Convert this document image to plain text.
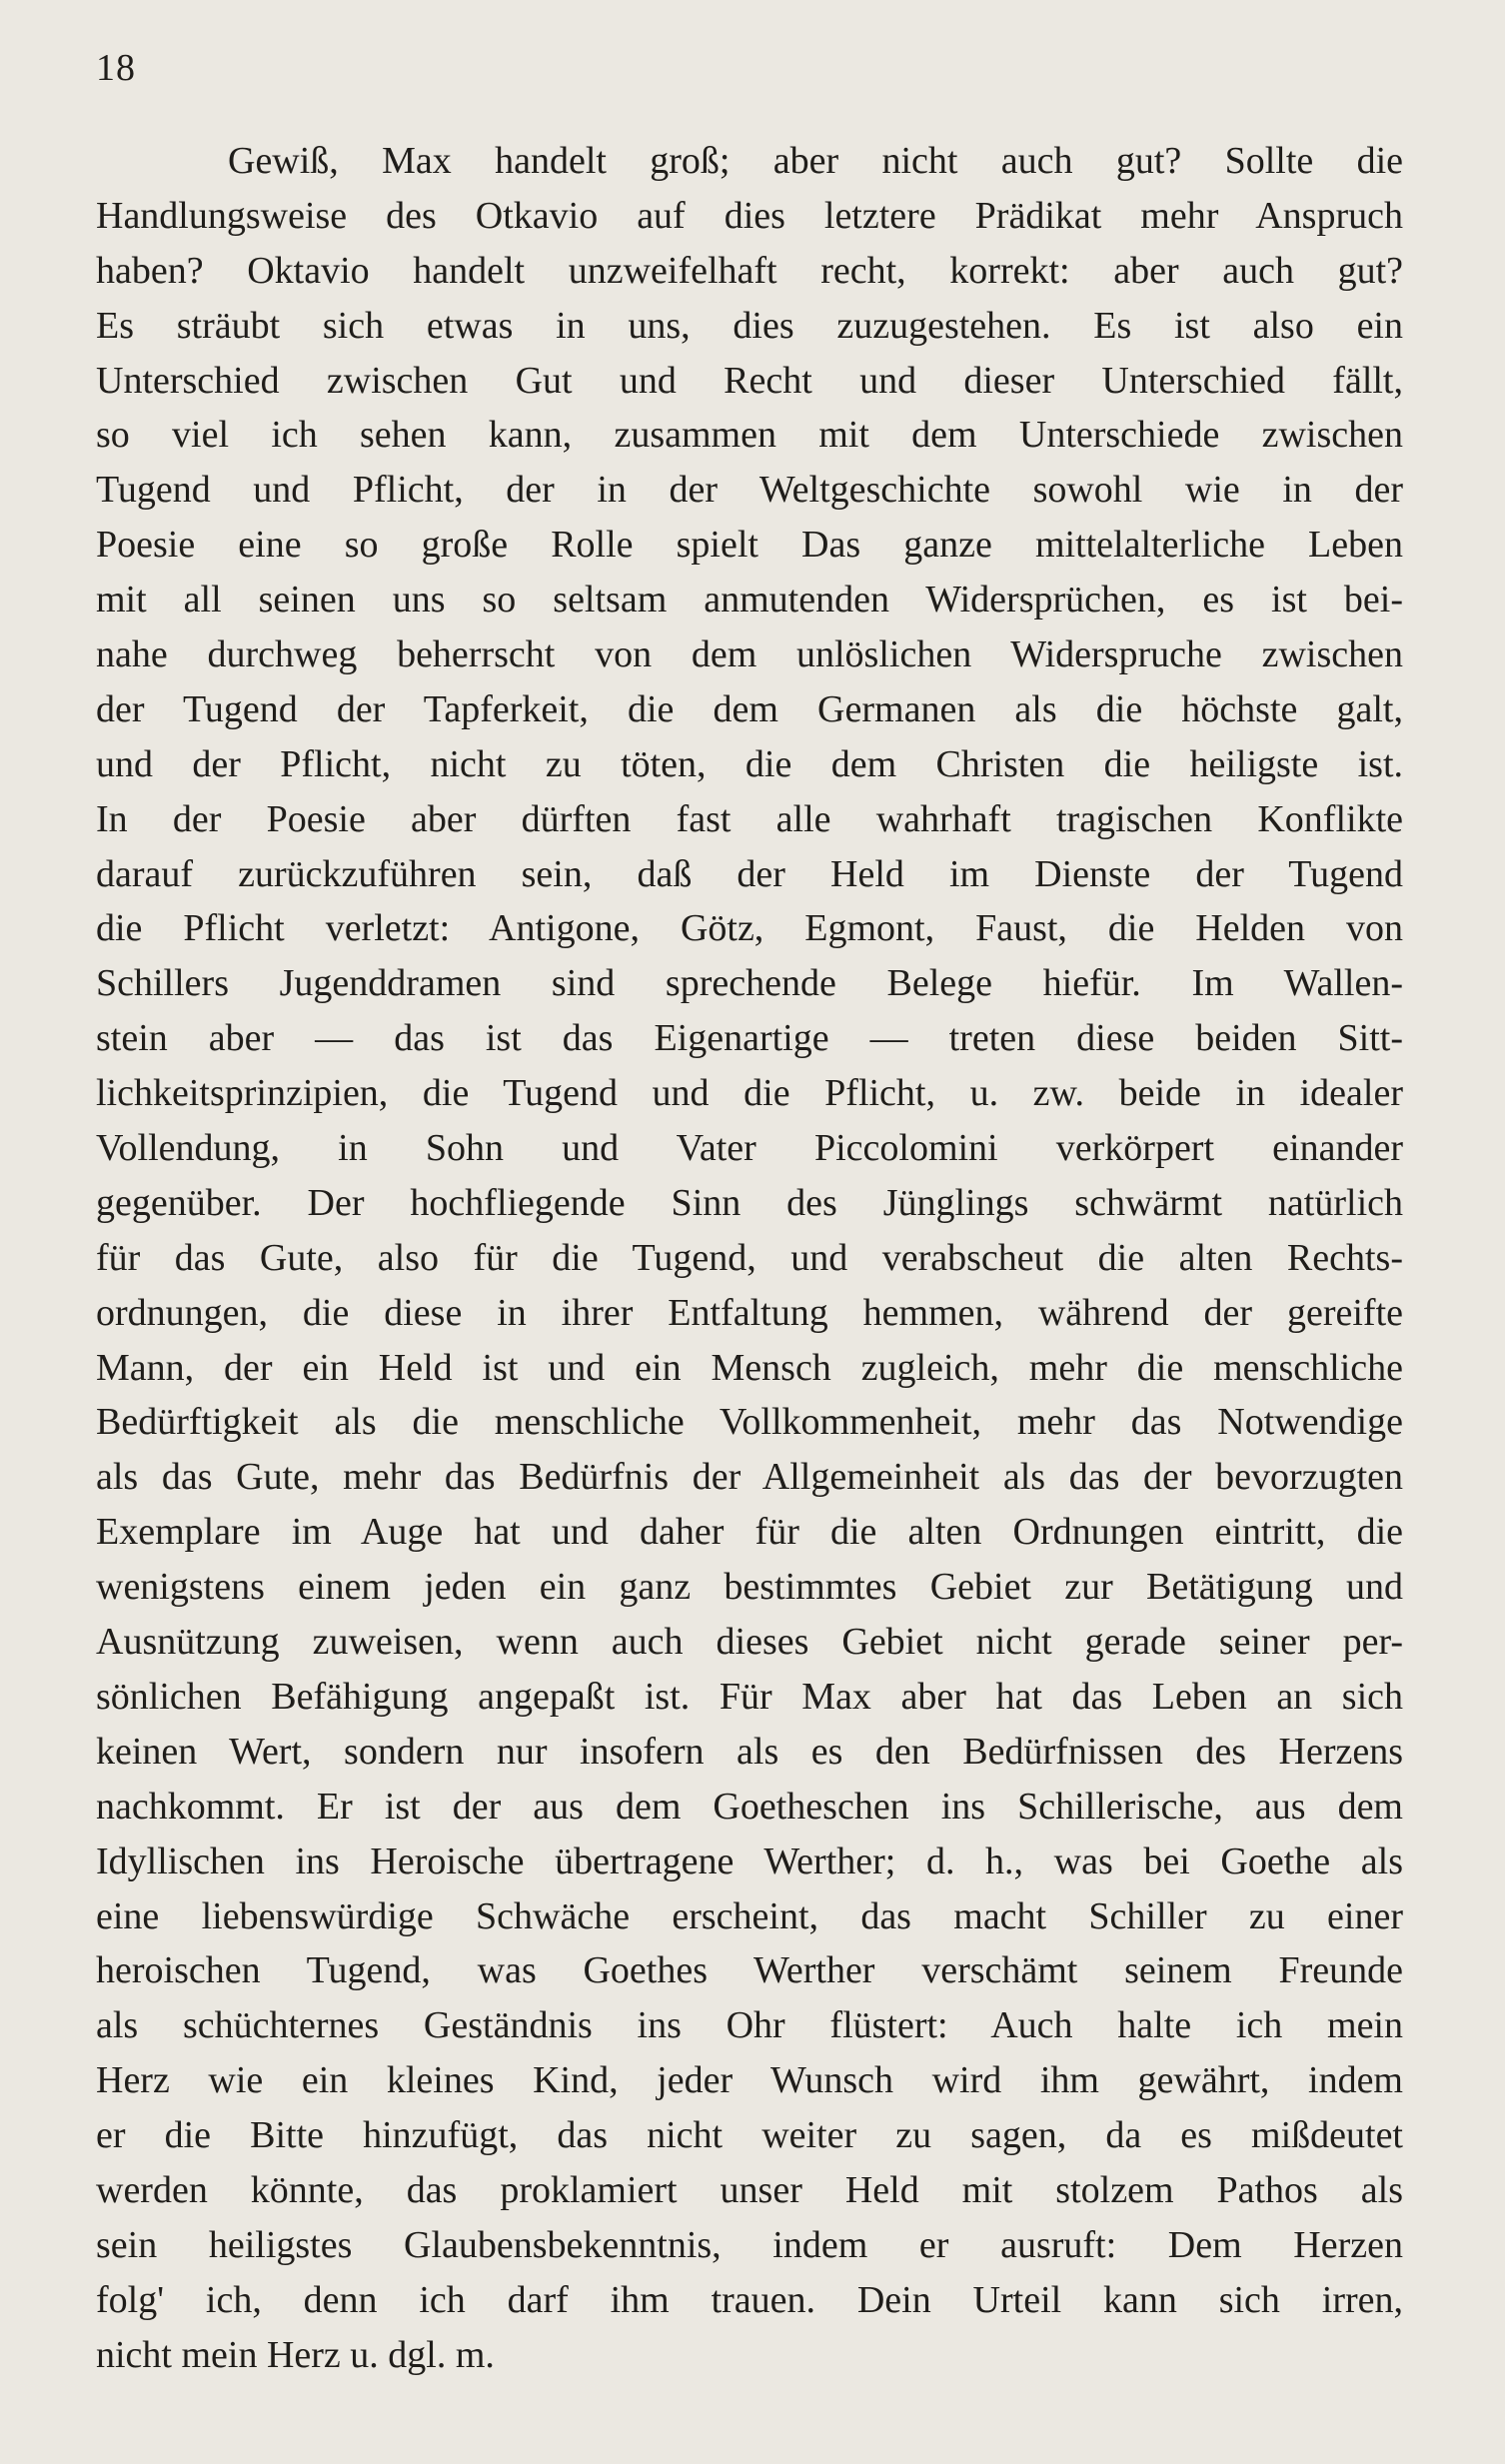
18
Gewiß, Max handelt groß; aber nicht auch gut? Sollte die
Handlungsweise des Otkavio auf dies letztere Prädikat mehr Anspruch
haben? Oktavio handelt unzweifelhaft recht, korrekt: aber auch gut?
Es sträubt sich etwas in uns, dies zuzugestehen. Es ist also ein
Unterschied zwischen Gut und Recht und dieser Unterschied fällt,
so viel ich sehen kann, zusammen mit dem Unterschiede zwischen
Tugend und Pflicht, der in der Weltgeschichte sowohl wie in der
Poesie eine so große Rolle spielt Das ganze mittelalterliche Leben
mit all seinen uns so seltsam anmutenden Widersprüchen, es ist bei-
nahe durchweg beherrscht von dem unlöslichen Widerspruche zwischen
der Tugend der Tapferkeit, die dem Germanen als die höchste galt,
und der Pflicht, nicht zu töten, die dem Christen die heiligste ist.
In der Poesie aber dürften fast alle wahrhaft tragischen Konflikte
darauf zurückzuführen sein, daß der Held im Dienste der Tugend
die Pflicht verletzt: Antigone, Götz, Egmont, Faust, die Helden von
Schillers Jugenddramen sind sprechende Belege hiefür. Im Wallen-
stein aber — das ist das Eigenartige — treten diese beiden Sitt-
lichkeitsprinzipien, die Tugend und die Pflicht, u. zw. beide in idealer
Vollendung, in Sohn und Vater Piccolomini verkörpert einander
gegenüber. Der hochfliegende Sinn des Jünglings schwärmt natürlich
für das Gute, also für die Tugend, und verabscheut die alten Rechts-
ordnungen, die diese in ihrer Entfaltung hemmen, während der gereifte
Mann, der ein Held ist und ein Mensch zugleich, mehr die menschliche
Bedürftigkeit als die menschliche Vollkommenheit, mehr das Notwendige
als das Gute, mehr das Bedürfnis der Allgemeinheit als das der bevorzugten
Exemplare im Auge hat und daher für die alten Ordnungen eintritt, die
wenigstens einem jeden ein ganz bestimmtes Gebiet zur Betätigung und
Ausnützung zuweisen, wenn auch dieses Gebiet nicht gerade seiner per-
sönlichen Befähigung angepaßt ist. Für Max aber hat das Leben an sich
keinen Wert, sondern nur insofern als es den Bedürfnissen des Herzens
nachkommt. Er ist der aus dem Goetheschen ins Schillerische, aus dem
Idyllischen ins Heroische übertragene Werther; d. h., was bei Goethe als
eine liebenswürdige Schwäche erscheint, das macht Schiller zu einer
heroischen Tugend, was Goethes Werther verschämt seinem Freunde
als schüchternes Geständnis ins Ohr flüstert: Auch halte ich mein
Herz wie ein kleines Kind, jeder Wunsch wird ihm gewährt, indem
er die Bitte hinzufügt, das nicht weiter zu sagen, da es mißdeutet
werden könnte, das proklamiert unser Held mit stolzem Pathos als
sein heiligstes Glaubensbekenntnis, indem er ausruft: Dem Herzen
folg' ich, denn ich darf ihm trauen. Dein Urteil kann sich irren,
nicht mein Herz u. dgl. m.
